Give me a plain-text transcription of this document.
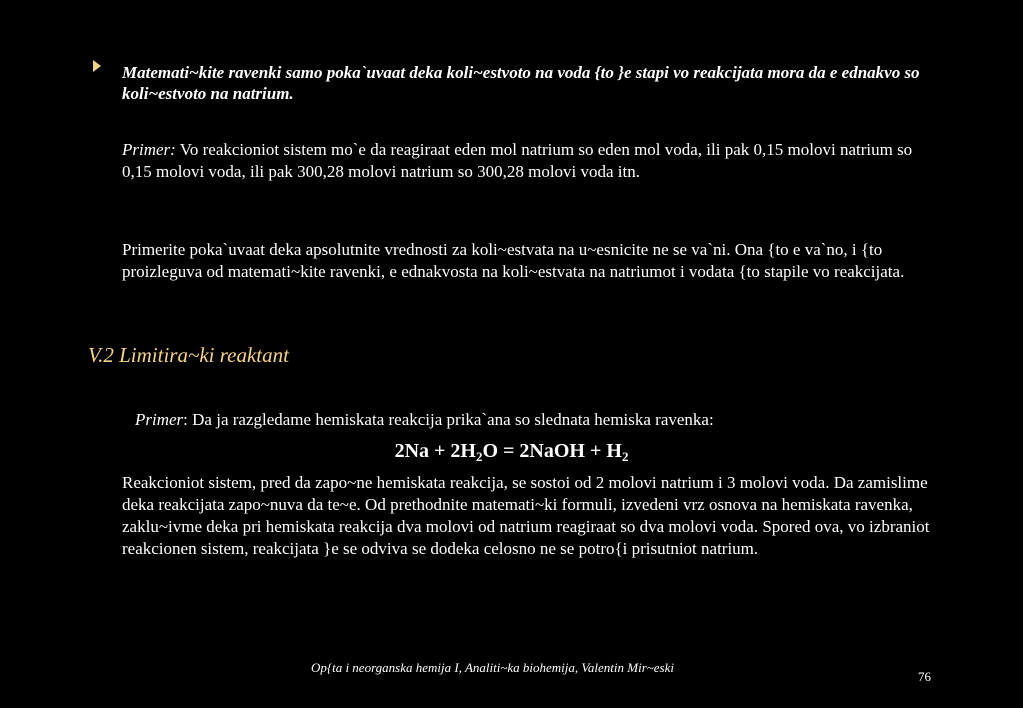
Matemati~kite ravenki samo poka`uvaat deka koli~estvoto na voda {to }e stapi vo reakcijata mora da e ednakvo so koli~estvoto na natrium.
Primer: Vo reakcioniot sistem mo`e da reagiraat eden mol natrium so eden mol voda, ili pak 0,15 molovi natrium so 0,15 molovi voda, ili pak 300,28 molovi natrium so 300,28 molovi voda itn.
Primerite poka`uvaat deka apsolutnite vrednosti za koli~estvata na u~esnicite ne se va`ni. Ona {to e va`no, i {to proizleguva od matemati~kite ravenki, e ednakvosta na koli~estvata na natriumot i vodata {to stapile vo reakcijata.
V.2 Limitira~ki reaktant
Primer: Da ja razgledame hemiskata reakcija prika`ana so slednata hemiska ravenka:
$2Na + 2H_2O$ = 2NaOH + $H_2$
Reakcioniot sistem, pred da zapo~ne hemiskata reakcija, se sostoi od 2 molovi natrium i 3 molovi voda. Da zamislime deka reakcijata zapo~nuva da te~e. Od prethodnite matemati~ki formuli, izvedeni vrz osnova na hemiskata ravenka, zaklu~ivme deka pri hemiskata reakcija dva molovi od natrium reagiraat so dva molovi voda. Spored ova, vo izbraniot reakcionen sistem, reakcijata }e se odviva se dodeka celosno ne se potro{i prisutniot natrium.
Op{ta i neorganska hemija I, Analiti~ka biohemija, Valentin Mir~eski
76
